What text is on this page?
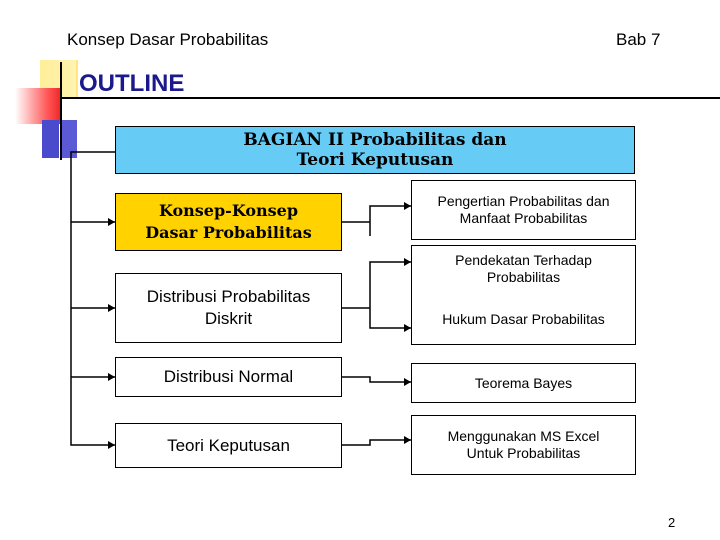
Konsep Dasar Probabilitas	Bab 7
OUTLINE
BAGIAN II Probabilitas dan
Teori Keputusan
Konsep-Konsep
Dasar Probabilitas
Distribusi Probabilitas
Diskrit
Distribusi Normal
Teori Keputusan
Pengertian Probabilitas dan
Manfaat Probabilitas
Pendekatan Terhadap
Probabilitas
Hukum Dasar Probabilitas
Teorema Bayes
Menggunakan MS Excel
Untuk Probabilitas
2
